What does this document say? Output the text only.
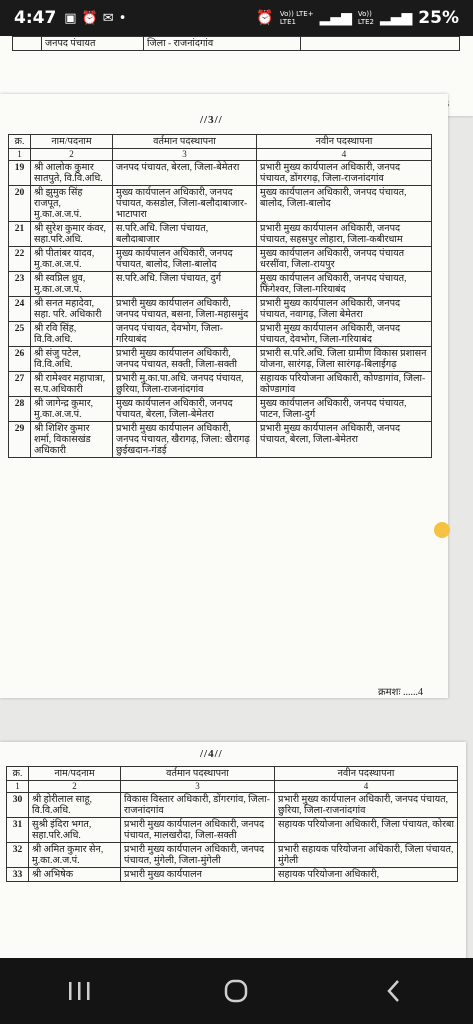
4:47 ▣ ⏰ ✉ •	⏰ Vo)) LTE+
LTE1	▂▄▆ Vo))
LTE2 ▂▄▆ 25%
	जनपद पंचायत	जिला - राजनांदगांव	
//3//
क्र.	नाम/पदनाम	वर्तमान पदस्थापना	नवीन पदस्थापना
1	2	3	4
19	श्री आलोक कुमार सातपुते, वि.वि.अधि.	जनपद पंचायत, बेरला, जिला-बेमेतरा	प्रभारी मुख्य कार्यपालन अधिकारी, जनपद पंचायत, डोंगरगढ़, जिला-राजनांदगांव
20	श्री झुमुक सिंह राजपूत, मु.का.अ.ज.पं.	मुख्य कार्यपालन अधिकारी, जनपद पंचायत, कसडोल, जिला-बलौदाबाजार-भाटापारा	मुख्य कार्यपालन अधिकारी, जनपद पंचायत, बालोद, जिला-बालोद
21	श्री सुरेश कुमार कंवर, सहा.परि.अधि.	स.परि.अधि. जिला पंचायत, बलौदाबाजार	प्रभारी मुख्य कार्यपालन अधिकारी, जनपद पंचायत, सहसपुर लोहारा, जिला-कबीरधाम
22	श्री पीतांबर यादव, मु.का.अ.ज.पं.	मुख्य कार्यपालन अधिकारी, जनपद पंचायत, बालोद, जिला-बालोद	मुख्य कार्यपालन अधिकारी, जनपद पंचायत धरसींवा, जिला-रायपुर
23	श्री स्वप्निल ध्रुव, मु.का.अ.ज.पं.	स.परि.अधि. जिला पंचायत, दुर्ग	मुख्य कार्यपालन अधिकारी, जनपद पंचायत, फिंगेश्वर, जिला-गरियाबंद
24	श्री सनत महादेवा, सहा. परि. अधिकारी	प्रभारी मुख्य कार्यपालन अधिकारी, जनपद पंचायत, बसना, जिला-महासमुंद	प्रभारी मुख्य कार्यपालन अधिकारी, जनपद पंचायत, नवागढ़, जिला बेमेतरा
25	श्री रवि सिंह, वि.वि.अधि.	जनपद पंचायत, देवभोग, जिला-गरियाबंद	प्रभारी मुख्य कार्यपालन अधिकारी, जनपद पंचायत, देवभोग, जिला-गरियाबंद
26	श्री संजु पटेल, वि.वि.अधि.	प्रभारी मुख्य कार्यपालन अधिकारी, जनपद पंचायत, सक्ती, जिला-सक्ती	प्रभारी स.परि.अधि. जिला ग्रामीण विकास प्रशासन योजना, सारंगढ़, जिला सारंगढ़-बिलाईगढ़
27	श्री रामेश्वर महापात्रा, स.प.अधिकारी	प्रभारी मु.का.पा.अधि. जनपद पंचायत, छुरिया, जिला-राजनांदगांव	सहायक परियोजना अधिकारी, कोण्डागांव, जिला-कोण्डागांव
28	श्री जागेन्द्र कुमार, मु.का.अ.ज.पं.	मुख्य कार्यपालन अधिकारी, जनपद पंचायत, बेरला, जिला-बेमेतरा	मुख्य कार्यपालन अधिकारी, जनपद पंचायत, पाटन, जिला-दुर्ग
29	श्री शिशिर कुमार शर्मा, विकासखंड अधिकारी	प्रभारी मुख्य कार्यपालन अधिकारी, जनपद पंचायत, खैरागढ़, जिला: खैरागढ़ छुईखदान-गंडई	प्रभारी मुख्य कार्यपालन अधिकारी, जनपद पंचायत, बेरला, जिला-बेमेतरा
क्रमशः ......4
//4//
क्र.	नाम/पदनाम	वर्तमान पदस्थापना	नवीन पदस्थापना
1	2	3	4
30	श्री होरीलाल साहू, वि.वि.अधि.	विकास विस्तार अधिकारी, डोंगरगांव, जिला-राजनांदगांव	प्रभारी मुख्य कार्यपालन अधिकारी, जनपद पंचायत, छुरिया, जिला-राजनांदगांव
31	सुश्री इंदिरा भगत, सहा.परि.अधि.	प्रभारी मुख्य कार्यपालन अधिकारी, जनपद पंचायत, मालखरौदा, जिला-सक्ती	सहायक परियोजना अधिकारी, जिला पंचायत, कोरबा
32	श्री अमित कुमार सेन, मु.का.अ.ज.पं.	प्रभारी मुख्य कार्यपालन अधिकारी, जनपद पंचायत, मुंगेली, जिला-मुंगेली	प्रभारी सहायक परियोजना अधिकारी, जिला पंचायत, मुंगेली
33	श्री अभिषेक	प्रभारी मुख्य कार्यपालन	सहायक परियोजना अधिकारी,
